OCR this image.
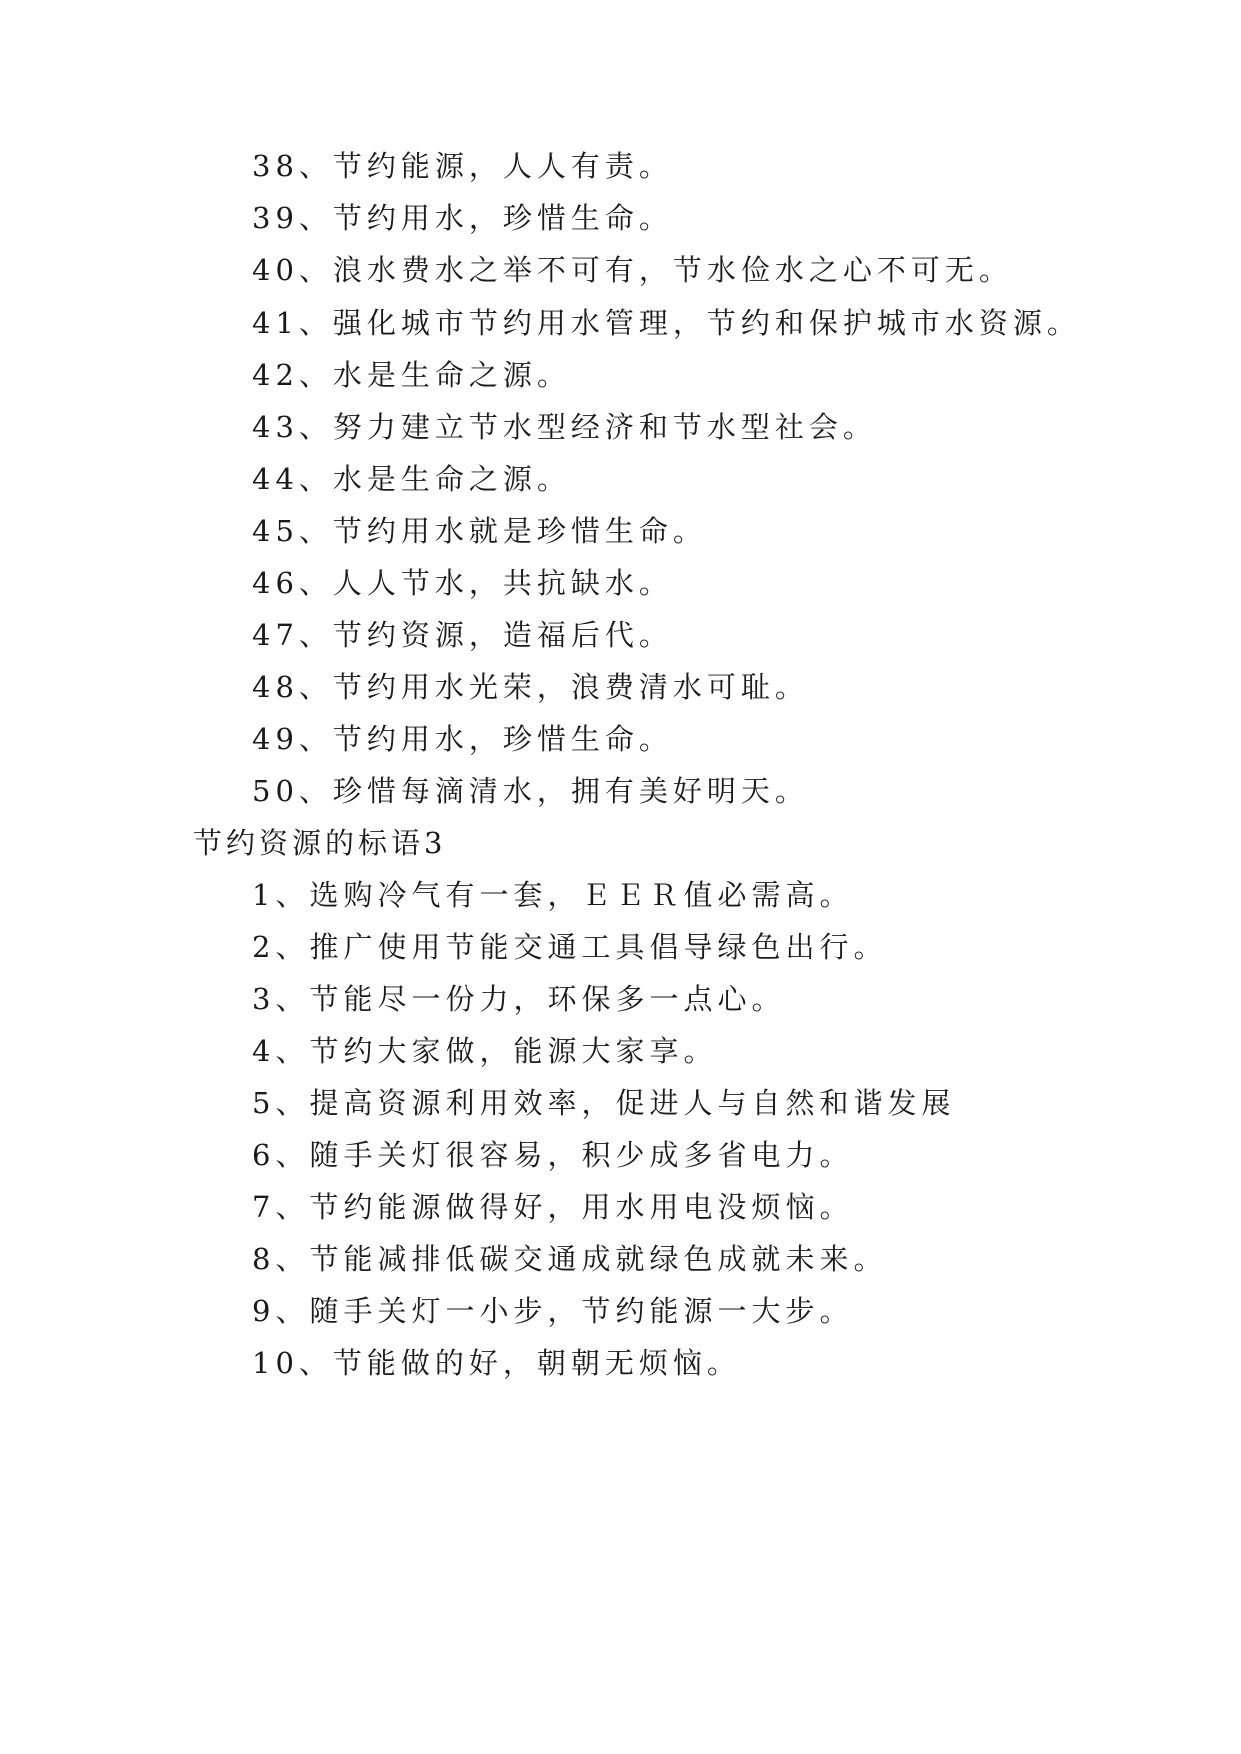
38、节约能源，人人有责。
39、节约用水，珍惜生命。
40、浪水费水之举不可有，节水俭水之心不可无。
41、强化城市节约用水管理，节约和保护城市水资源。
42、水是生命之源。
43、努力建立节水型经济和节水型社会。
44、水是生命之源。
45、节约用水就是珍惜生命。
46、人人节水，共抗缺水。
47、节约资源，造福后代。
48、节约用水光荣，浪费清水可耻。
49、节约用水，珍惜生命。
50、珍惜每滴清水，拥有美好明天。
节约资源的标语3
1、选购冷气有一套，ＥＥＲ值必需高。
2、推广使用节能交通工具倡导绿色出行。
3、节能尽一份力，环保多一点心。
4、节约大家做，能源大家享。
5、提高资源利用效率，促进人与自然和谐发展
6、随手关灯很容易，积少成多省电力。
7、节约能源做得好，用水用电没烦恼。
8、节能减排低碳交通成就绿色成就未来。
9、随手关灯一小步，节约能源一大步。
10、节能做的好，朝朝无烦恼。
